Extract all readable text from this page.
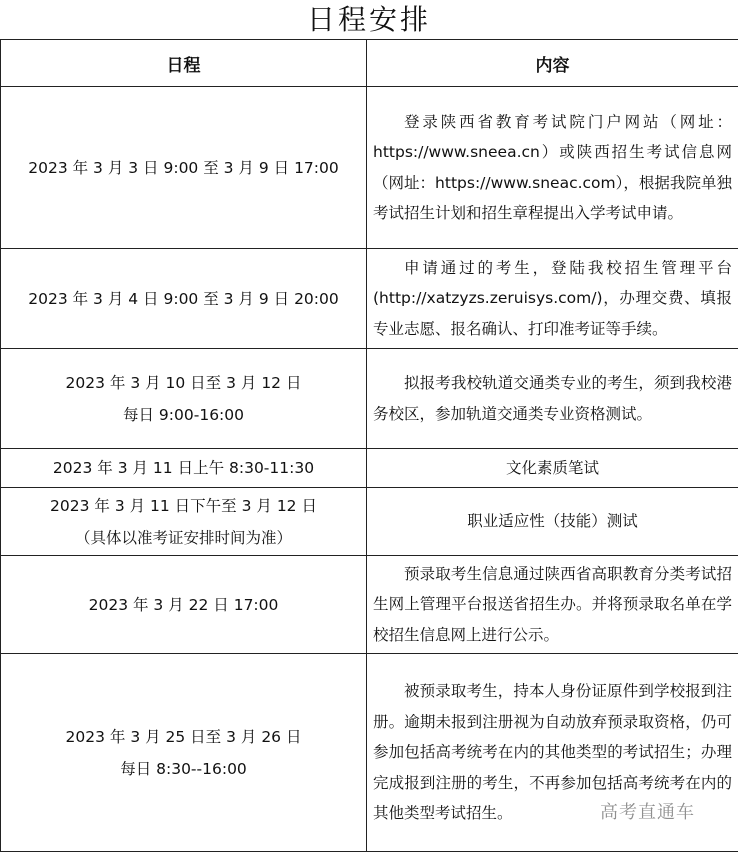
日程安排
日程	内容

2023 年 3 月 3 日 9:00 至 3 月 9 日 17:00	登录陕西省教育考试院门户网站（网址：https://www.sneea.cn）或陕西招生考试信息网（网址：https://www.sneac.com），根据我院单独考试招生计划和招生章程提出入学考试申请。

2023 年 3 月 4 日 9:00 至 3 月 9 日 20:00	申请通过的考生，登陆我校招生管理平台(http://xatzyzs.zeruisys.com/)，办理交费、填报专业志愿、报名确认、打印准考证等手续。

2023 年 3 月 10 日至 3 月 12 日
每日 9:00-16:00	拟报考我校轨道交通类专业的考生，须到我校港务校区，参加轨道交通类专业资格测试。

2023 年 3 月 11 日上午 8:30-11:30	文化素质笔试

2023 年 3 月 11 日下午至 3 月 12 日
（具体以准考证安排时间为准）	职业适应性（技能）测试

2023 年 3 月 22 日 17:00	预录取考生信息通过陕西省高职教育分类考试招生网上管理平台报送省招生办。并将预录取名单在学校招生信息网上进行公示。

2023 年 3 月 25 日至 3 月 26 日
每日 8:30--16:00	被预录取考生，持本人身份证原件到学校报到注册。逾期未报到注册视为自动放弃预录取资格，仍可参加包括高考统考在内的其他类型的考试招生；办理完成报到注册的考生，不再参加包括高考统考在内的其他类型考试招生。	高考直通车
